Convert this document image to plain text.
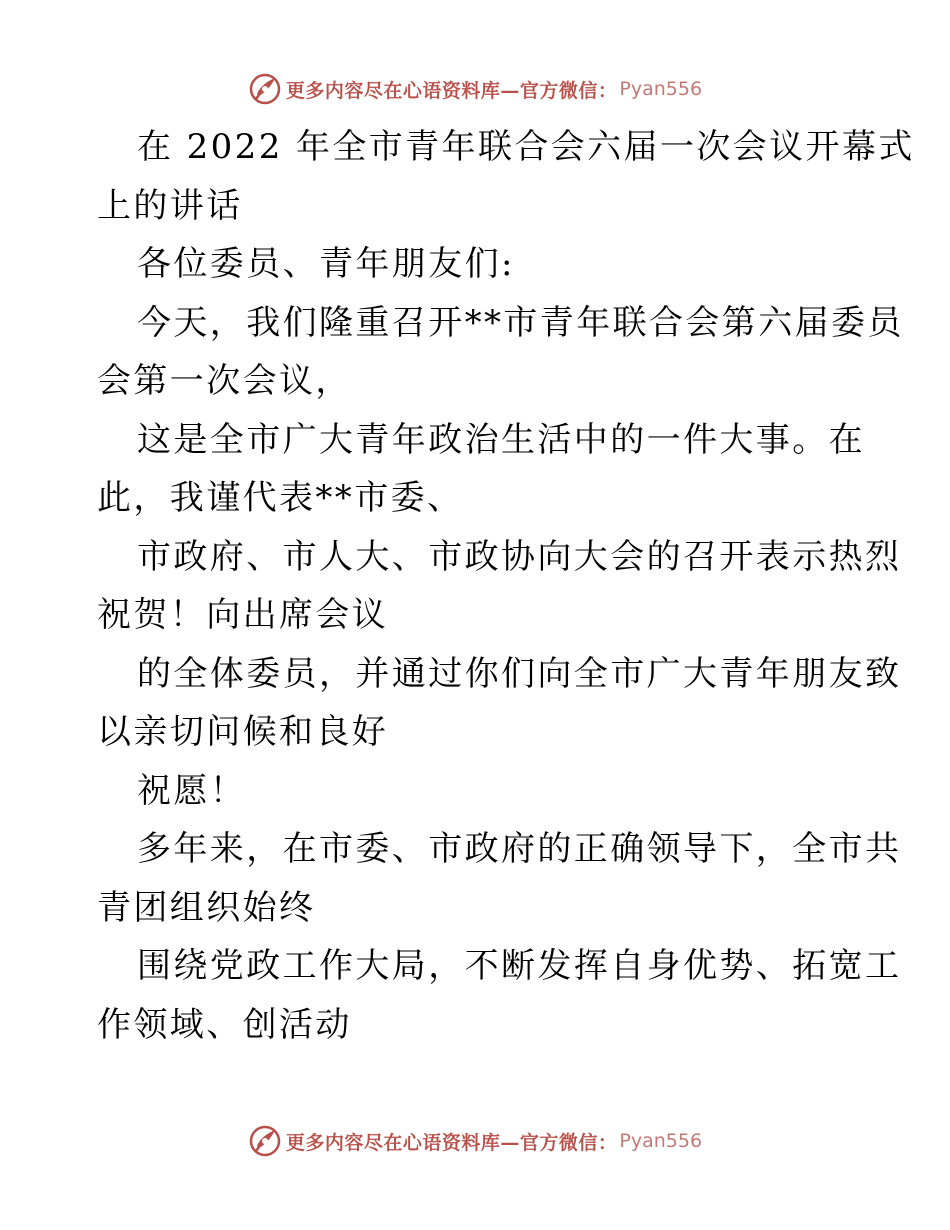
更多内容尽在心语资料库—官方微信： Pyan556
在 2022 年全市青年联合会六届一次会议开幕式
上的讲话
各位委员、青年朋友们:
今天，我们隆重召开**市青年联合会第六届委员
会第一次会议，
这是全市广大青年政治生活中的一件大事。在
此，我谨代表**市委、
市政府、市人大、市政协向大会的召开表示热烈
祝贺！向出席会议
的全体委员，并通过你们向全市广大青年朋友致
以亲切问候和良好
祝愿！
多年来，在市委、市政府的正确领导下，全市共
青团组织始终
围绕党政工作大局，不断发挥自身优势、拓宽工
作领域、创活动
更多内容尽在心语资料库—官方微信： Pyan556
